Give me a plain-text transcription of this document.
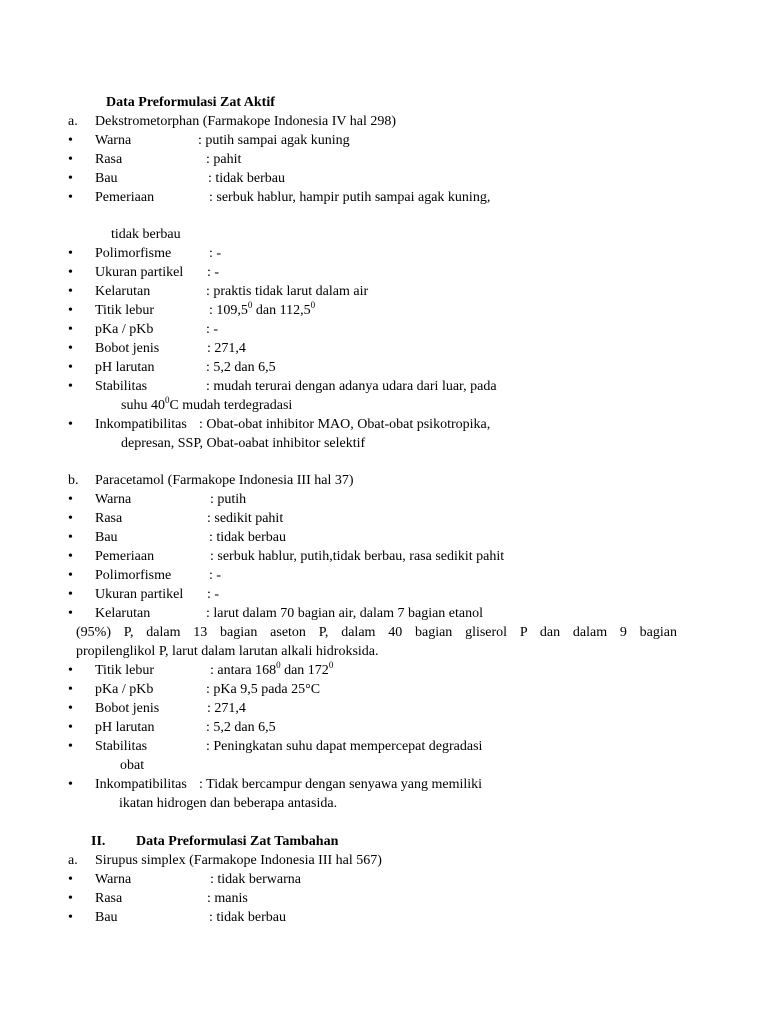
Data Preformulasi Zat Aktif
a. Dekstrometorphan (Farmakope Indonesia IV hal 298)
Warna	: putih sampai agak kuning
Rasa	: pahit
Bau	: tidak berbau
Pemeriaan	: serbuk hablur, hampir putih sampai agak kuning,
tidak berbau
Polimorfisme	: -
Ukuran partikel : -
Kelarutan	: praktis tidak larut dalam air
Titik lebur	: 109,5$^0$ dan 112,5$^0$
pKa / pKb	: -
Bobot jenis	: 271,4
pH larutan	: 5,2 dan 6,5
Stabilitas	: mudah terurai dengan adanya udara dari luar, pada
suhu $40^0C$ mudah terdegradasi
Inkompatibilitas : Obat-obat inhibitor MAO, Obat-obat psikotropika,
depresan, SSP, Obat-oabat inhibitor selektif
b. Paracetamol (Farmakope Indonesia III hal 37)
Warna	: putih
Rasa	: sedikit pahit
Bau	: tidak berbau
Pemeriaan	: serbuk hablur, putih,tidak berbau, rasa sedikit pahit
Polimorfisme	: -
Ukuran partikel : -
Kelarutan	: larut dalam 70 bagian air, dalam 7 bagian etanol
(95%) P, dalam 13 bagian aseton P, dalam 40 bagian gliserol P dan dalam 9 bagian
propilenglikol P, larut dalam larutan alkali hidroksida.
Titik lebur	: antara $168^0$ dan $172^0$
pKa / pKb	: pKa 9,5 pada 25°C
Bobot jenis	: 271,4
pH larutan	: 5,2 dan 6,5
Stabilitas	: Peningkatan suhu dapat mempercepat degradasi
obat
Inkompatibilitas : Tidak bercampur dengan senyawa yang memiliki
ikatan hidrogen dan beberapa antasida.
II. Data Preformulasi Zat Tambahan
a. Sirupus simplex (Farmakope Indonesia III hal 567)
Warna	: tidak berwarna
Rasa	: manis
Bau	: tidak berbau
